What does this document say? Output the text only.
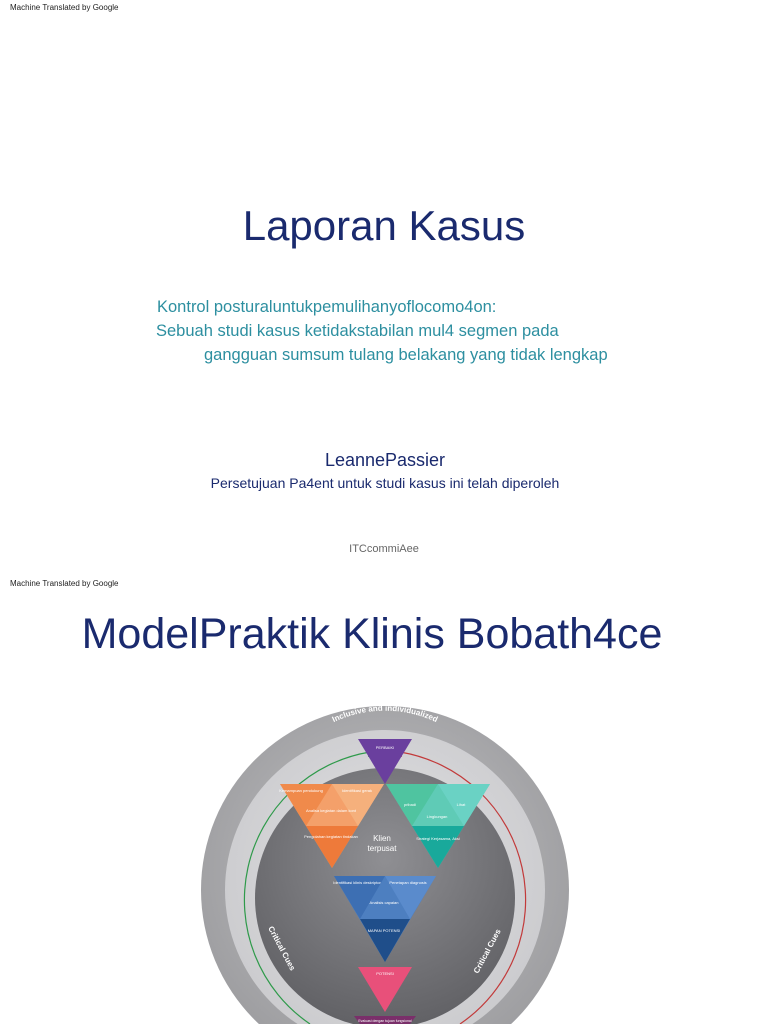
Machine Translated by Google
Laporan Kasus
Kontrol posturaluntukpemulihanyoflocomo4on:
Sebuah studi kasus ketidakstabilan mul4 segmen pada
gangguan sumsum tulang belakang yang tidak lengkap
LeannePassier
Persetujuan Pa4ent untuk studi kasus ini telah diperoleh
ITCcommiAee
Machine Translated by Google
ModelPraktik Klinis Bobath4ce
Inclusive and individualized
PERBAIKI
Kemampuan pendukung	Identifikasi gerak
Analisa kegiatan dalam kont
Pengolahan kegiatan tindakan
pribadi	Lihat
Lingkungan
Strategi Kerjasama, Aksi
Klien
terpusat
Identifikasi klinis deskriptor Penetapan diagnosis
Analisis capaian
MAPAN POTENSI
POTENSI
Evaluasi dengan tujuan fungsional
Critical Cues	Critical Cues
